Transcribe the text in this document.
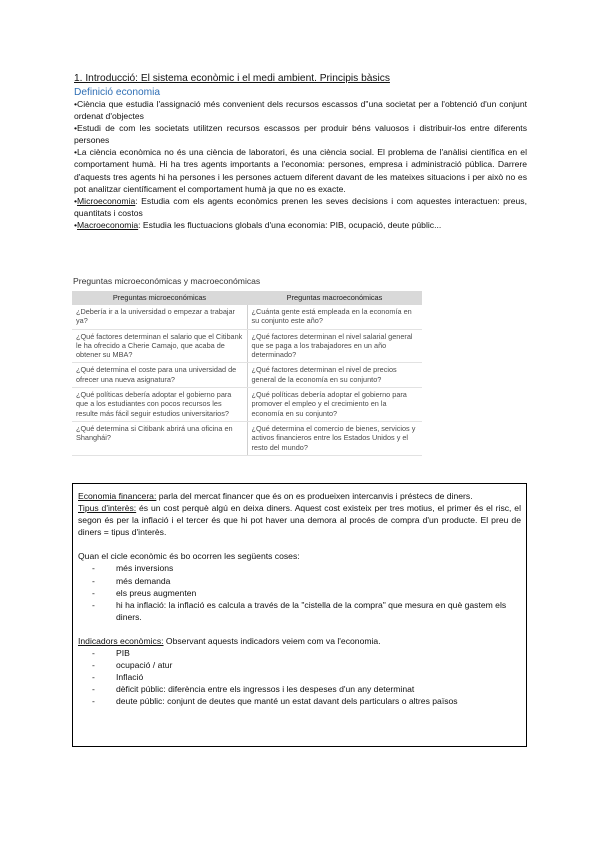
1. Introducció: El sistema econòmic i el medi ambient. Principis bàsics
Definició economia

•Ciència que estudia l'assignació més convenient dels recursos escassos d"una societat per a l'obtenció d'un conjunt ordenat d'objectes

•Estudi de com les societats utilitzen recursos escassos per produir béns valuosos i distribuir-los entre diferents persones

•La ciència econòmica no és una ciència de laboratori, és una ciència social. El problema de l'anàlisi científica en el comportament humà. Hi ha tres agents importants a l'economia: persones, empresa i administració pública. Darrere d'aquests tres agents hi ha persones i les persones actuem diferent davant de les mateixes situacions i per això no es pot analitzar científicament el comportament humà ja que no es exacte.

•Microeconomia: Estudia com els agents econòmics prenen les seves decisions i com aquestes interactuen: preus, quantitats i costos

•Macroeconomia: Estudia les fluctuacions globals d'una economia: PIB, ocupació, deute públic...

Preguntas microeconómicas y macroeconómicas

Preguntas microeconómicas	Preguntas macroeconómicas
¿Debería ir a la universidad o empezar a trabajar ya?	¿Cuánta gente está empleada en la economía en su conjunto este año?
¿Qué factores determinan el salario que el Citibank le ha ofrecido a Cherie Camajo, que acaba de obtener su MBA?	¿Qué factores determinan el nivel salarial general que se paga a los trabajadores en un año determinado?
¿Qué determina el coste para una universidad de ofrecer una nueva asignatura?	¿Qué factores determinan el nivel de precios general de la economía en su conjunto?
¿Qué políticas debería adoptar el gobierno para que a los estudiantes con pocos recursos les resulte más fácil seguir estudios universitarios?	¿Qué políticas debería adoptar el gobierno para promover el empleo y el crecimiento en la economía en su conjunto?
¿Qué determina si Citibank abrirá una oficina en Shanghái?	¿Qué determina el comercio de bienes, servicios y activos financieros entre los Estados Unidos y el resto del mundo?

Economia financera: parla del mercat financer que és on es produeixen intercanvis i préstecs de diners.

Tipus d'interès: és un cost perquè algú en deixa diners. Aquest cost existeix per tres motius, el primer és el risc, el segon és per la inflació i el tercer és que hi pot haver una demora al procés de compra d'un producte. El preu de diners = tipus d'interès.

Quan el cicle econòmic és bo ocorren les següents coses:

- més inversions
- més demanda
- els preus augmenten
- hi ha inflació: la inflació es calcula a través de la "cistella de la compra" que mesura en què gastem els diners.

Indicadors econòmics: Observant aquests indicadors veiem com va l'economia.

- PIB
- ocupació / atur
- Inflació
- dèficit públic: diferència entre els ingressos i les despeses d'un any determinat
- deute públic: conjunt de deutes que manté un estat davant dels particulars o altres països
